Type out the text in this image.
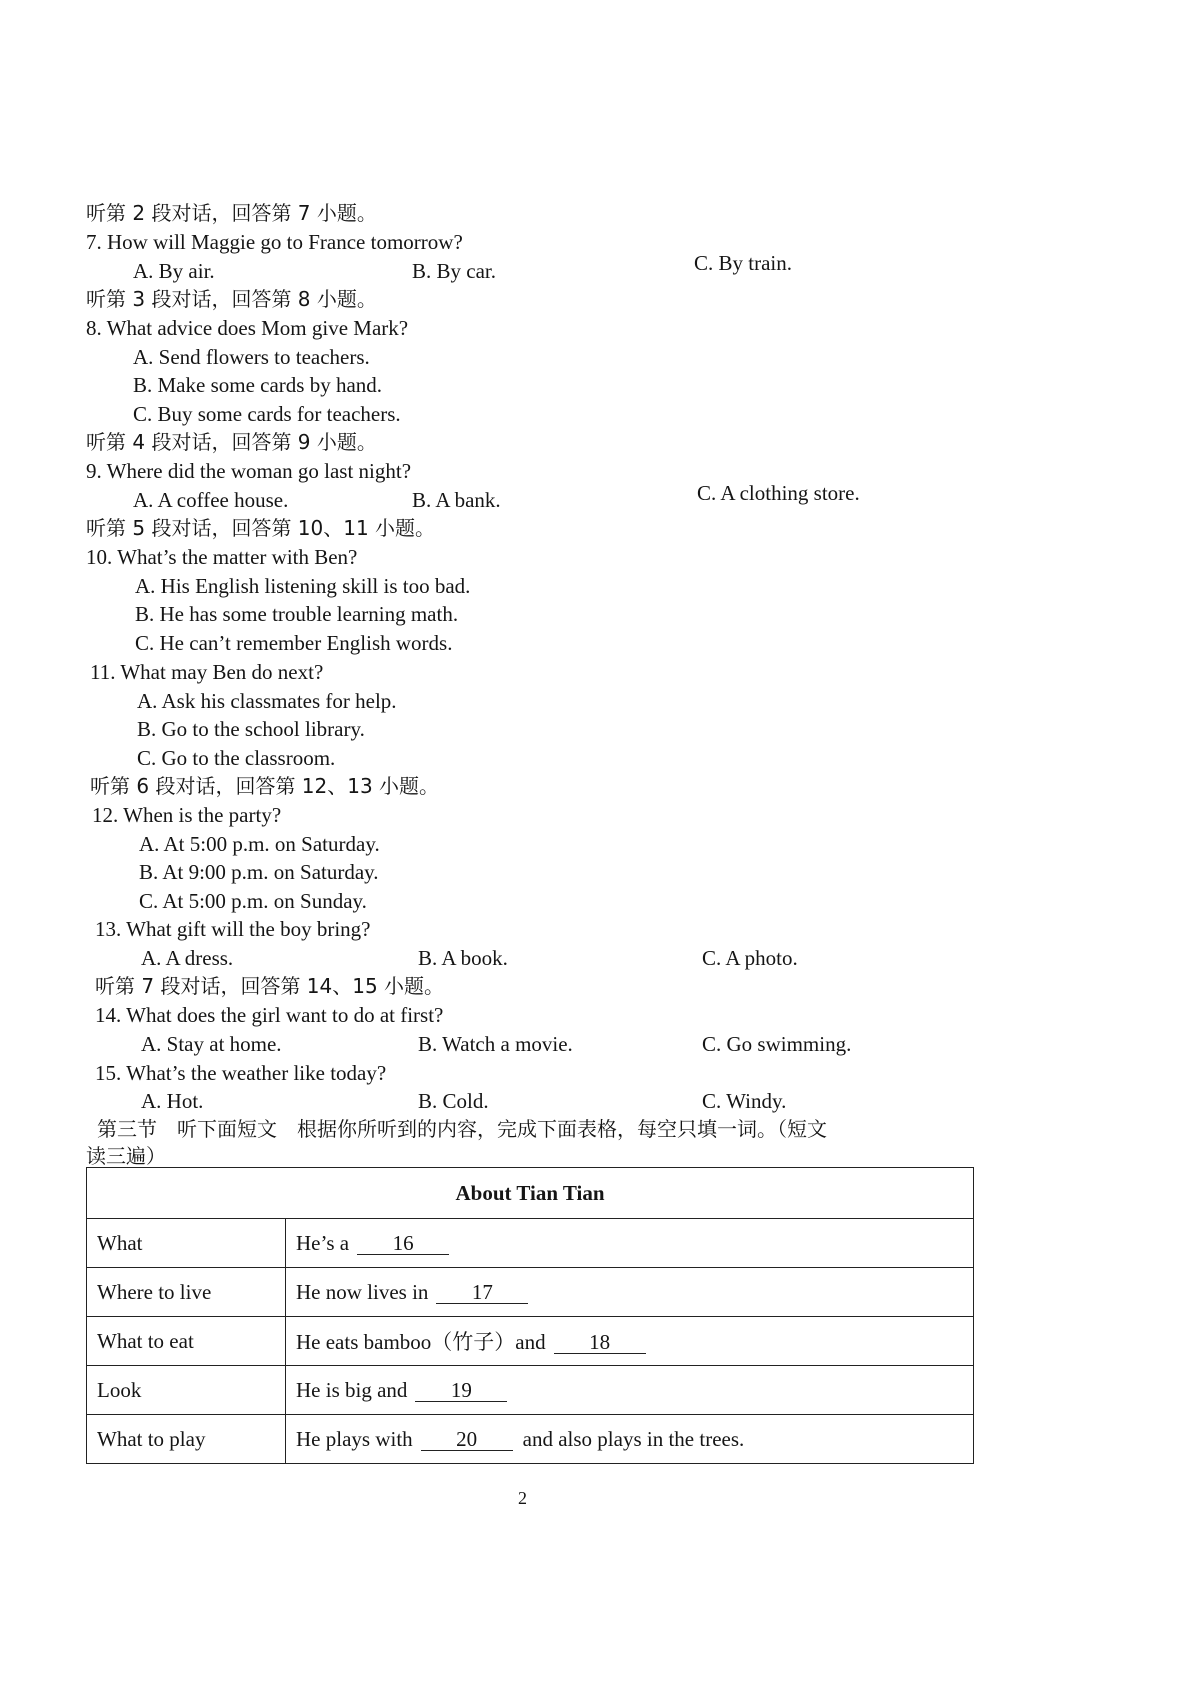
听第 2 段对话，回答第 7 小题。
7. How will Maggie go to France tomorrow?
A. By air.	B. By car.	C. By train.
听第 3 段对话，回答第 8 小题。
8. What advice does Mom give Mark?
A. Send flowers to teachers.
B. Make some cards by hand.
C. Buy some cards for teachers.
听第 4 段对话，回答第 9 小题。
9. Where did the woman go last night?
A. A coffee house.	B. A bank.	C. A clothing store.
听第 5 段对话，回答第 10、11 小题。
10. What’s the matter with Ben?
A. His English listening skill is too bad.
B. He has some trouble learning math.
C. He can’t remember English words.
11. What may Ben do next?
A. Ask his classmates for help.
B. Go to the school library.
C. Go to the classroom.
听第 6 段对话，回答第 12、13 小题。
12. When is the party?
A. At 5:00 p.m. on Saturday.
B. At 9:00 p.m. on Saturday.
C. At 5:00 p.m. on Sunday.
13. What gift will the boy bring?
A. A dress.	B. A book.	C. A photo.
听第 7 段对话，回答第 14、15 小题。
14. What does the girl want to do at first?
A. Stay at home.	B. Watch a movie.	C. Go swimming.
15. What’s the weather like today?
A. Hot.	B. Cold.	C. Windy.
第三节　听下面短文　根据你所听到的内容，完成下面表格，每空只填一词。（短文
读三遍）
About Tian Tian	
What	He’s a 16
Where to live	He now lives in 17
What to eat	He eats bamboo（竹子）and 18
Look	He is big and 19
What to play	He plays with 20 and also plays in the trees.
2
